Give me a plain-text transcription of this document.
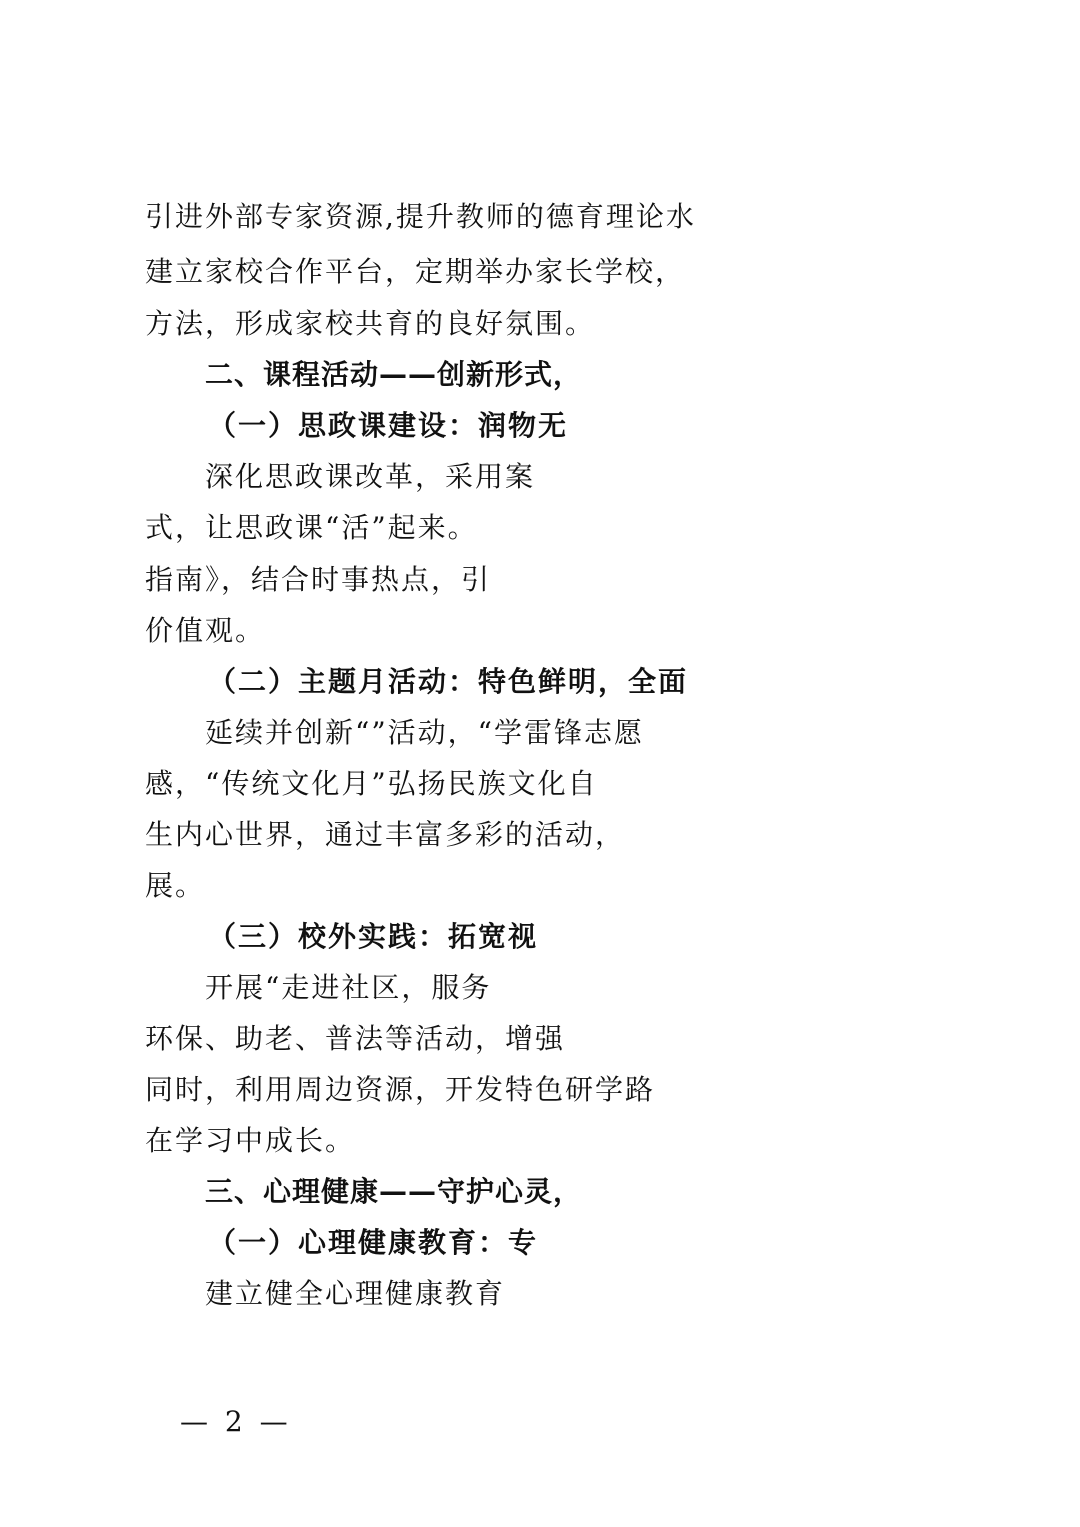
引进外部专家资源,提升教师的德育理论水
建立家校合作平台，定期举办家长学校，
方法，形成家校共育的良好氛围。
二、课程活动——创新形式，
（一）思政课建设：润物无
深化思政课改革，采用案
式，让思政课“活”起来。
指南》，结合时事热点，引
价值观。
（二）主题月活动：特色鲜明，全面
延续并创新“”活动，“学雷锋志愿
感，“传统文化月”弘扬民族文化自
生内心世界，通过丰富多彩的活动，
展。
（三）校外实践：拓宽视
开展“走进社区，服务
环保、助老、普法等活动，增强
同时，利用周边资源，开发特色研学路
在学习中成长。
三、心理健康——守护心灵，
（一）心理健康教育：专
建立健全心理健康教育
— 2 —
